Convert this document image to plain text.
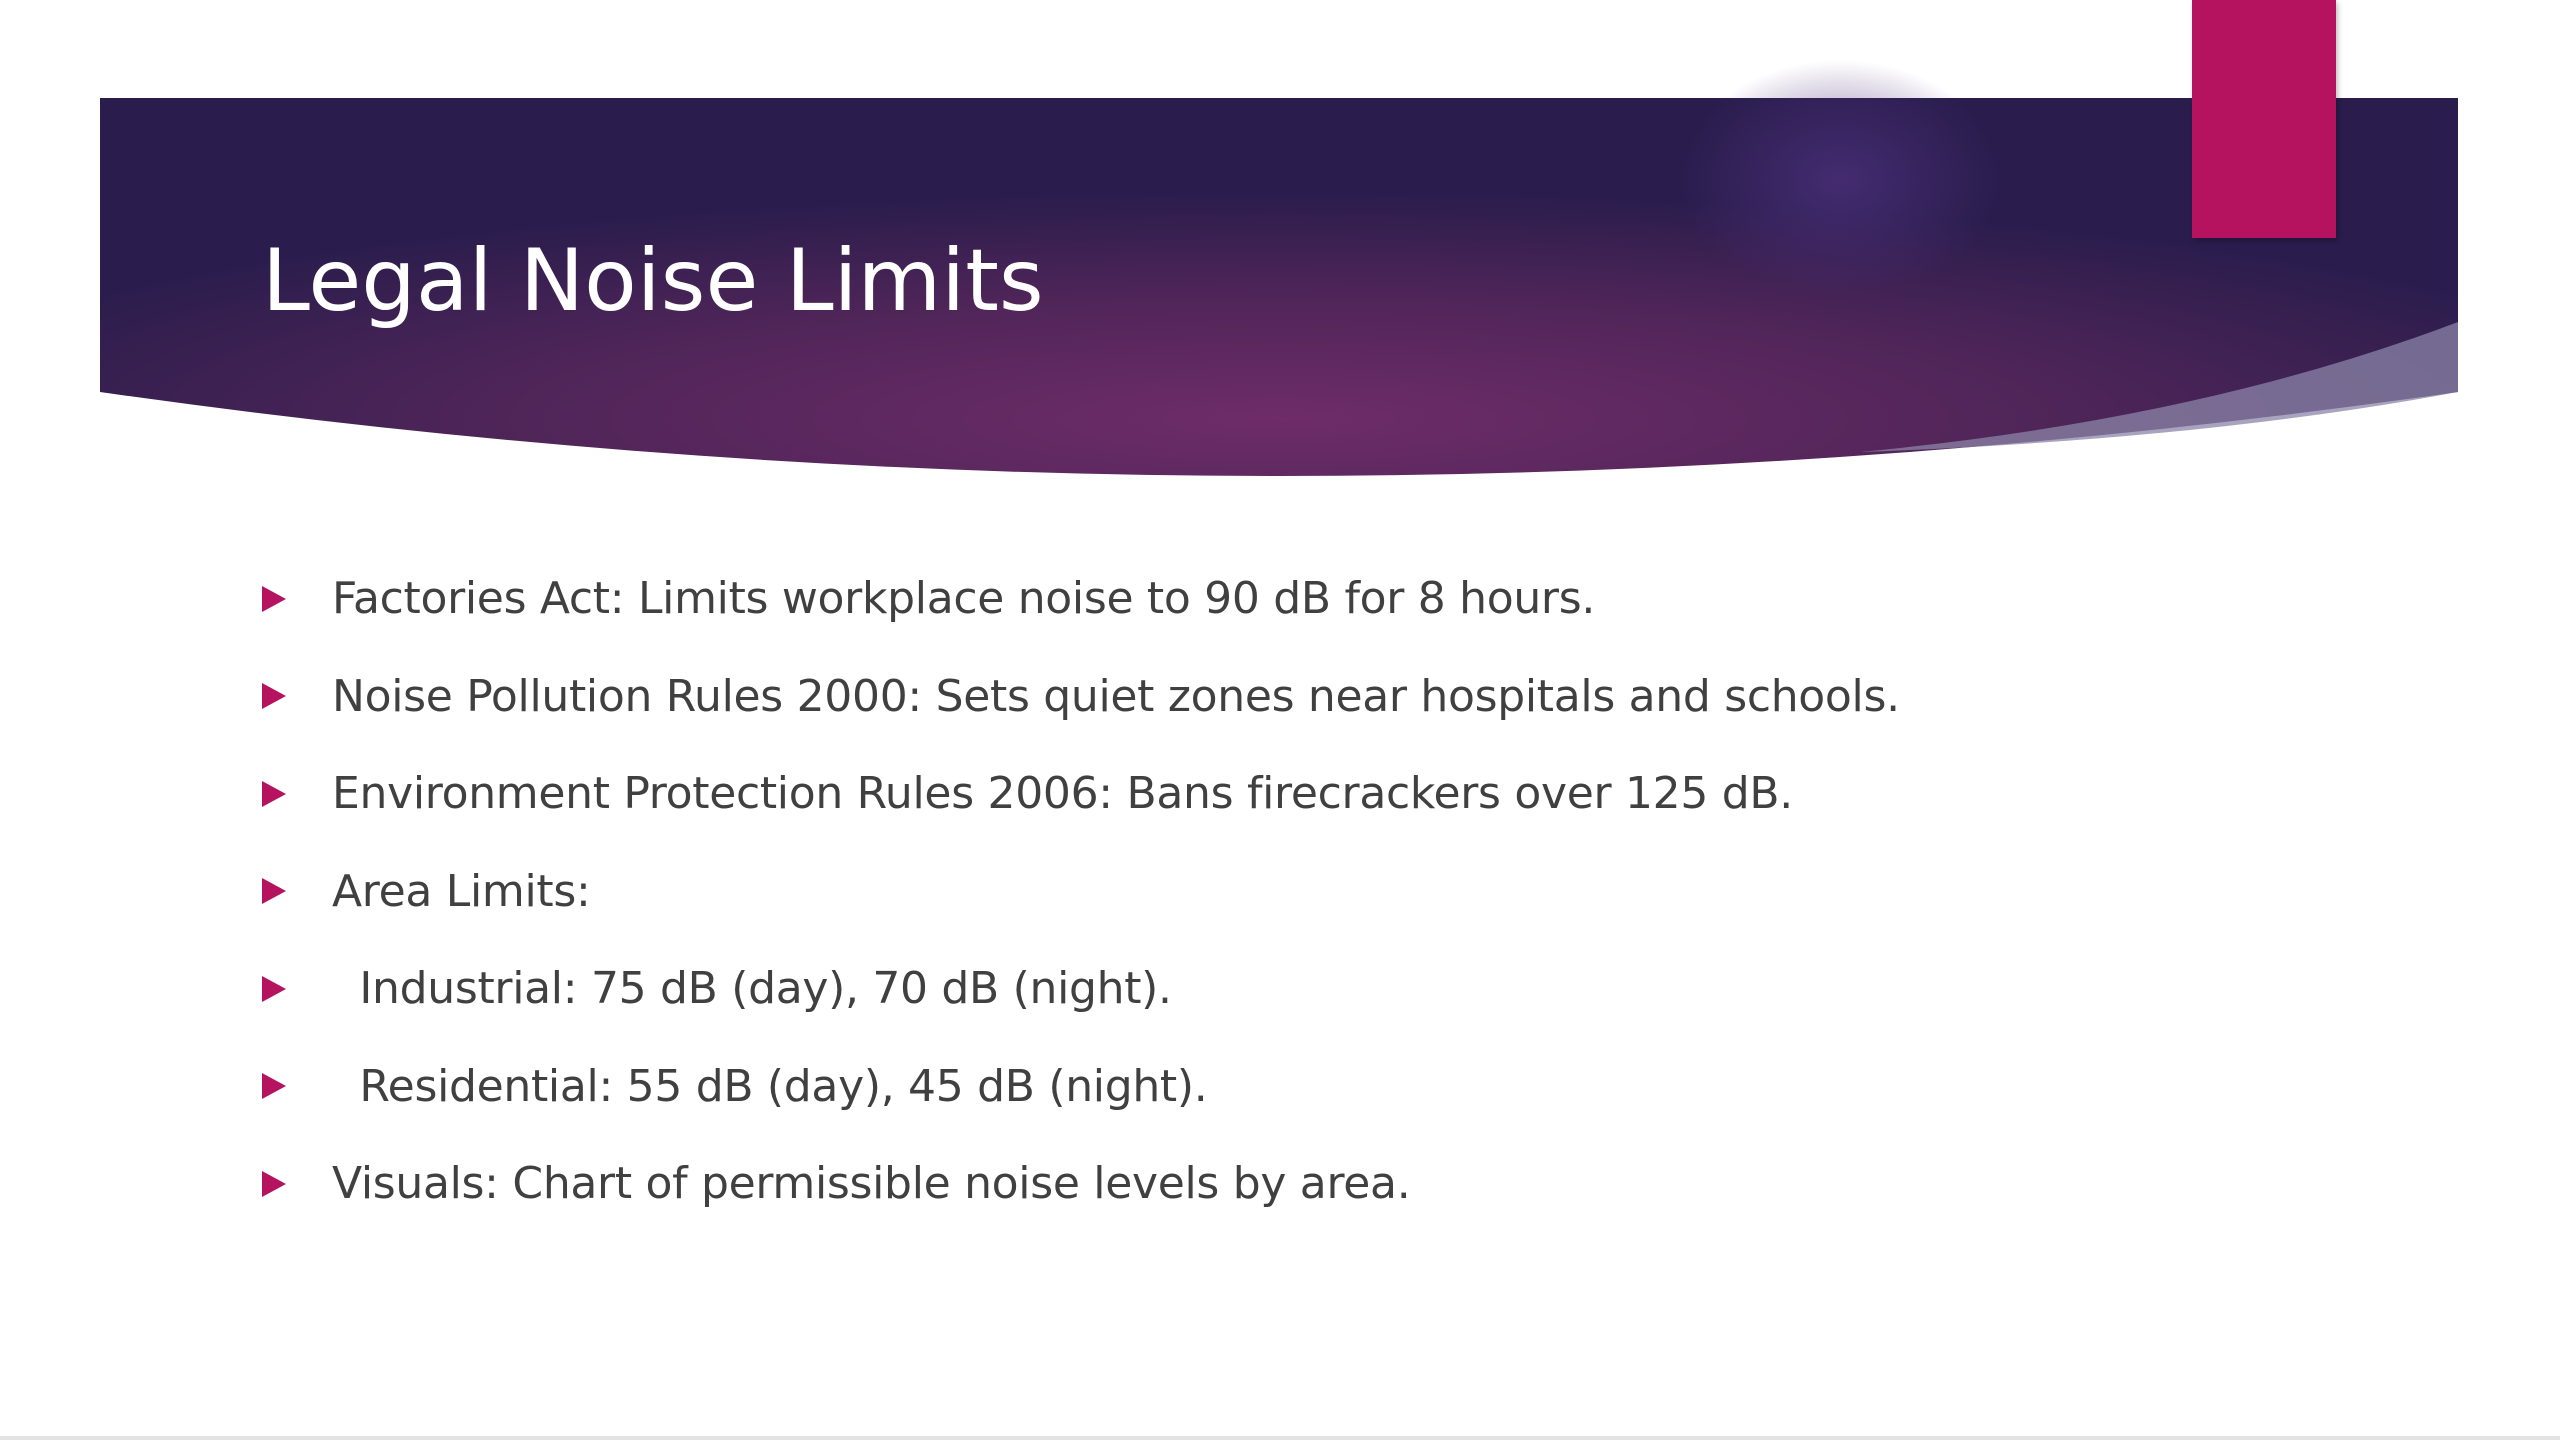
Legal Noise Limits
Factories Act: Limits workplace noise to 90 dB for 8 hours.
Noise Pollution Rules 2000: Sets quiet zones near hospitals and schools.
Environment Protection Rules 2006: Bans firecrackers over 125 dB.
Area Limits:
Industrial: 75 dB (day), 70 dB (night).
Residential: 55 dB (day), 45 dB (night).
Visuals: Chart of permissible noise levels by area.
